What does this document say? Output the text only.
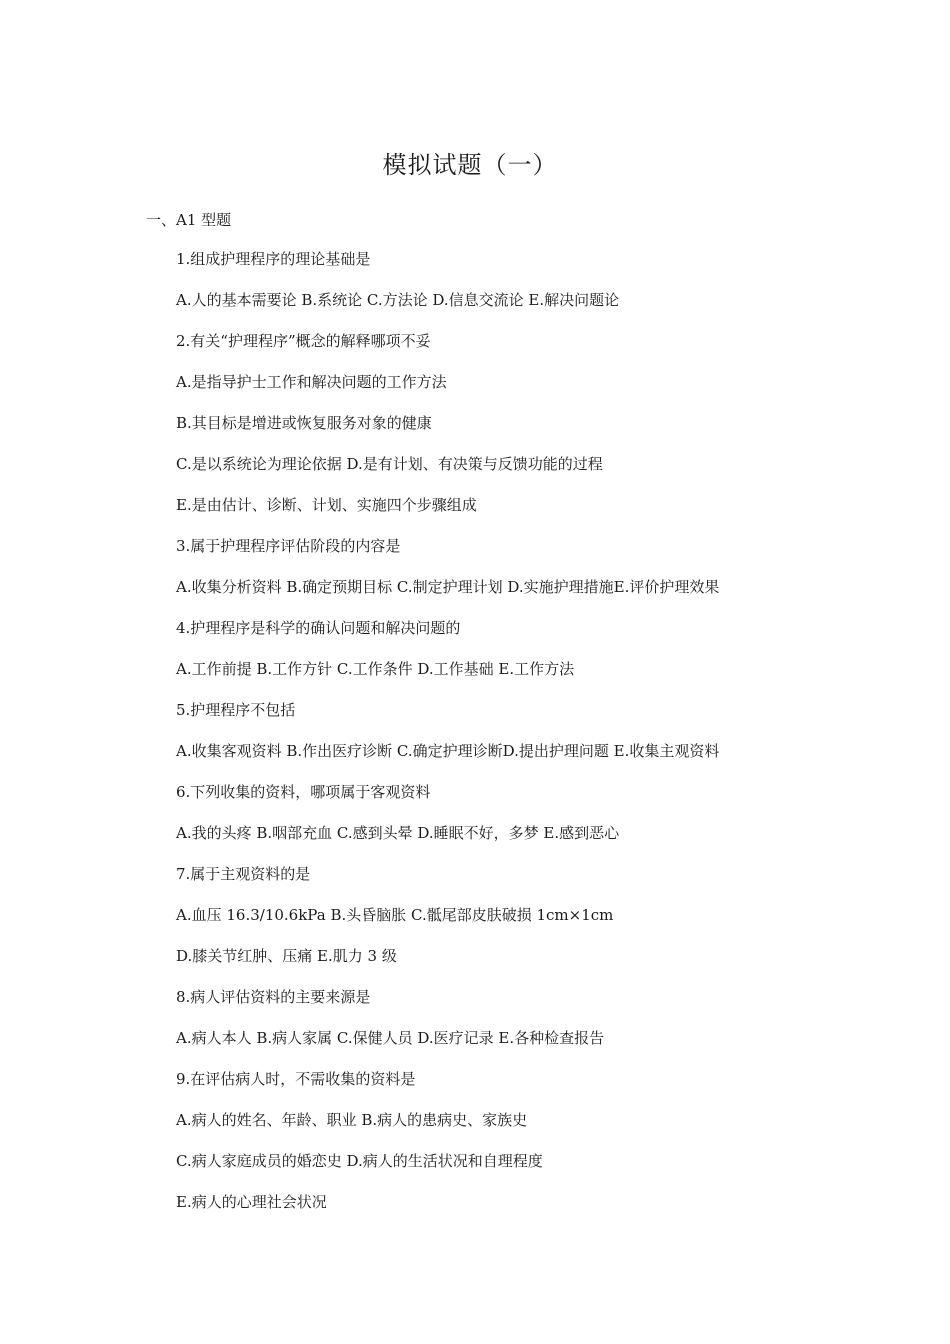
模拟试题（一）
一、A1 型题
1.组成护理程序的理论基础是
A.人的基本需要论 B.系统论 C.方法论 D.信息交流论 E.解决问题论
2.有关“护理程序”概念的解释哪项不妥
A.是指导护士工作和解决问题的工作方法
B.其目标是增进或恢复服务对象的健康
C.是以系统论为理论依据 D.是有计划、有决策与反馈功能的过程
E.是由估计、诊断、计划、实施四个步骤组成
3.属于护理程序评估阶段的内容是
A.收集分析资料 B.确定预期目标 C.制定护理计划 D.实施护理措施E.评价护理效果
4.护理程序是科学的确认问题和解决问题的
A.工作前提 B.工作方针 C.工作条件 D.工作基础 E.工作方法
5.护理程序不包括
A.收集客观资料 B.作出医疗诊断 C.确定护理诊断D.提出护理问题 E.收集主观资料
6.下列收集的资料，哪项属于客观资料
A.我的头疼 B.咽部充血 C.感到头晕 D.睡眠不好，多梦 E.感到恶心
7.属于主观资料的是
A.血压 16.3/10.6kPa B.头昏脑胀 C.骶尾部皮肤破损 1cm×1cm
D.膝关节红肿、压痛 E.肌力 3 级
8.病人评估资料的主要来源是
A.病人本人 B.病人家属 C.保健人员 D.医疗记录 E.各种检查报告
9.在评估病人时，不需收集的资料是
A.病人的姓名、年龄、职业 B.病人的患病史、家族史
C.病人家庭成员的婚恋史 D.病人的生活状况和自理程度
E.病人的心理社会状况
